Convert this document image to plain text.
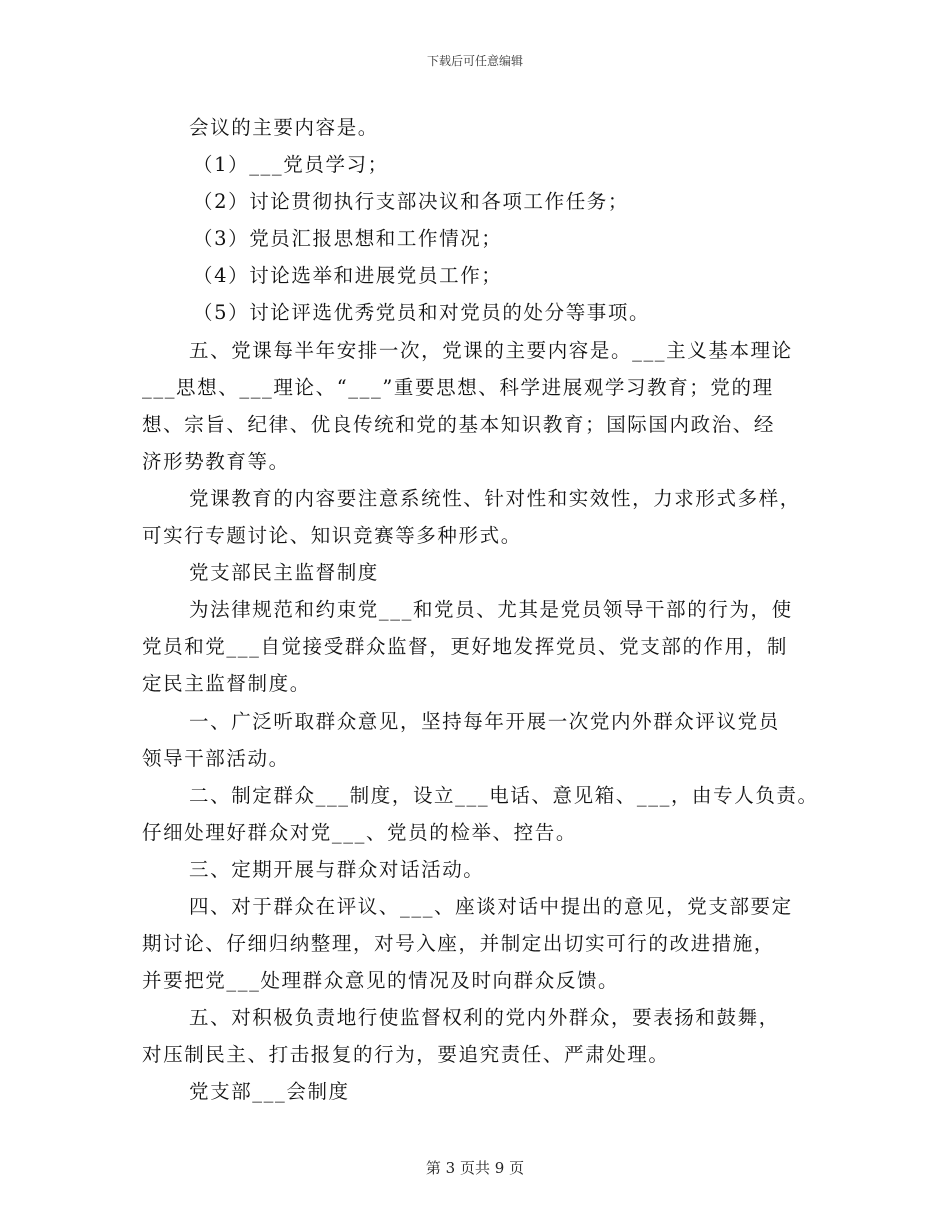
下载后可任意编辑
会议的主要内容是。
（1）___党员学习；
（2）讨论贯彻执行支部决议和各项工作任务；
（3）党员汇报思想和工作情况；
（4）讨论选举和进展党员工作；
（5）讨论评选优秀党员和对党员的处分等事项。
五、党课每半年安排一次，党课的主要内容是。___主义基本理论
___思想、___理论、“___”重要思想、科学进展观学习教育；党的理
想、宗旨、纪律、优良传统和党的基本知识教育；国际国内政治、经
济形势教育等。
党课教育的内容要注意系统性、针对性和实效性，力求形式多样，
可实行专题讨论、知识竞赛等多种形式。
党支部民主监督制度
为法律规范和约束党___和党员、尤其是党员领导干部的行为，使
党员和党___自觉接受群众监督，更好地发挥党员、党支部的作用，制
定民主监督制度。
一、广泛听取群众意见，坚持每年开展一次党内外群众评议党员
领导干部活动。
二、制定群众___制度，设立___电话、意见箱、___，由专人负责。
仔细处理好群众对党___、党员的检举、控告。
三、定期开展与群众对话活动。
四、对于群众在评议、___、座谈对话中提出的意见，党支部要定
期讨论、仔细归纳整理，对号入座，并制定出切实可行的改进措施，
并要把党___处理群众意见的情况及时向群众反馈。
五、对积极负责地行使监督权利的党内外群众，要表扬和鼓舞，
对压制民主、打击报复的行为，要追究责任、严肃处理。
党支部___会制度
第 3 页共 9 页
